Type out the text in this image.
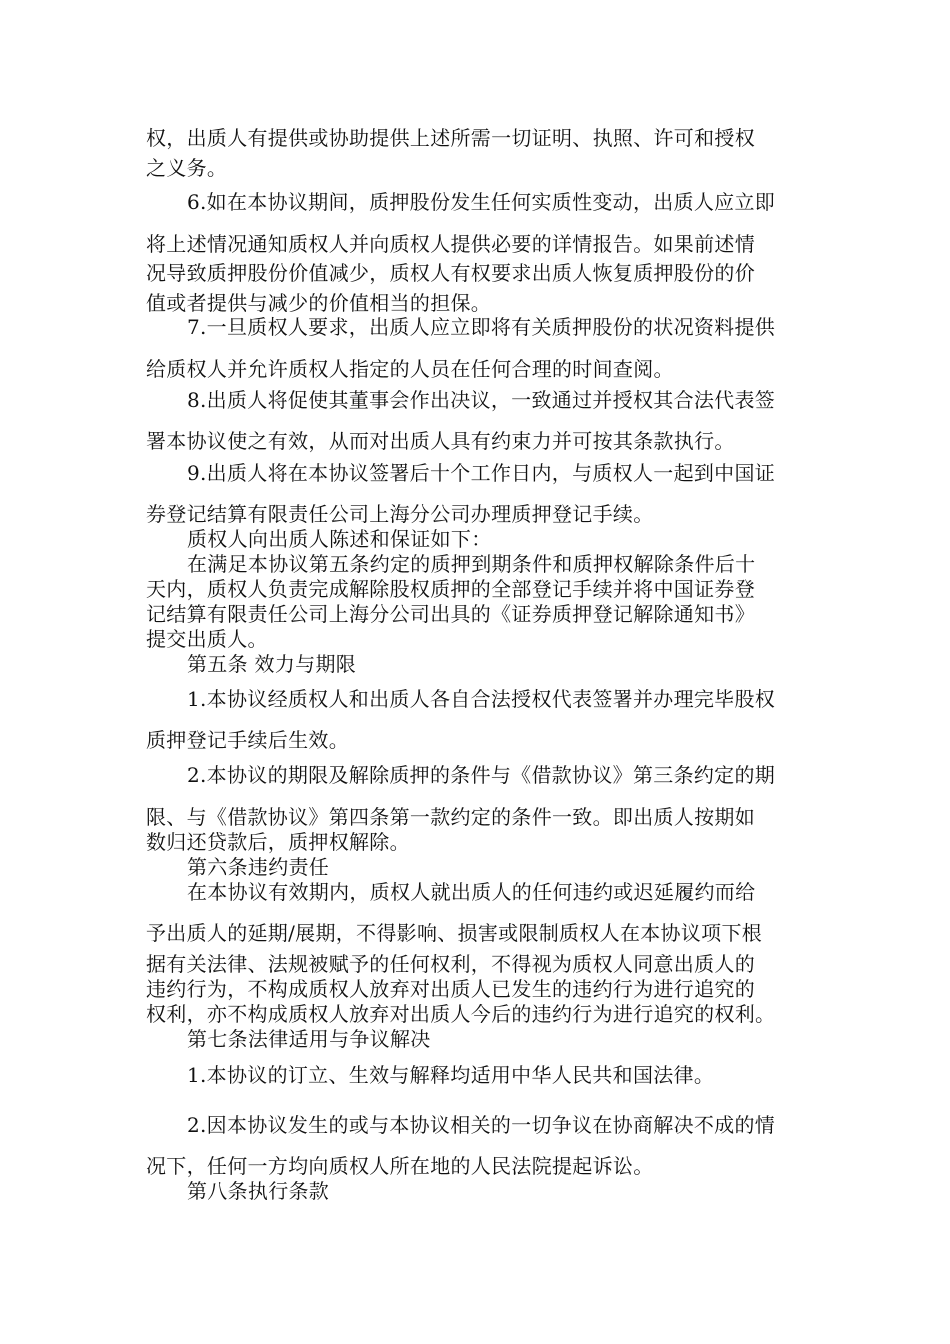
权，出质人有提供或协助提供上述所需一切证明、执照、许可和授权
之义务。
6.如在本协议期间，质押股份发生任何实质性变动，出质人应立即
将上述情况通知质权人并向质权人提供必要的详情报告。如果前述情
况导致质押股份价值减少，质权人有权要求出质人恢复质押股份的价
值或者提供与减少的价值相当的担保。
7.一旦质权人要求，出质人应立即将有关质押股份的状况资料提供
给质权人并允许质权人指定的人员在任何合理的时间查阅。
8.出质人将促使其董事会作出决议，一致通过并授权其合法代表签
署本协议使之有效，从而对出质人具有约束力并可按其条款执行。
9.出质人将在本协议签署后十个工作日内，与质权人一起到中国证
券登记结算有限责任公司上海分公司办理质押登记手续。
质权人向出质人陈述和保证如下：
在满足本协议第五条约定的质押到期条件和质押权解除条件后十
天内，质权人负责完成解除股权质押的全部登记手续并将中国证券登
记结算有限责任公司上海分公司出具的《证券质押登记解除通知书》
提交出质人。
第五条 效力与期限
1.本协议经质权人和出质人各自合法授权代表签署并办理完毕股权
质押登记手续后生效。
2.本协议的期限及解除质押的条件与《借款协议》第三条约定的期
限、与《借款协议》第四条第一款约定的条件一致。即出质人按期如
数归还贷款后，质押权解除。
第六条违约责任
在本协议有效期内，质权人就出质人的任何违约或迟延履约而给
予出质人的延期/展期，不得影响、损害或限制质权人在本协议项下根
据有关法律、法规被赋予的任何权利，不得视为质权人同意出质人的
违约行为，不构成质权人放弃对出质人已发生的违约行为进行追究的
权利，亦不构成质权人放弃对出质人今后的违约行为进行追究的权利。
第七条法律适用与争议解决
1.本协议的订立、生效与解释均适用中华人民共和国法律。
2.因本协议发生的或与本协议相关的一切争议在协商解决不成的情
况下，任何一方均向质权人所在地的人民法院提起诉讼。
第八条执行条款
